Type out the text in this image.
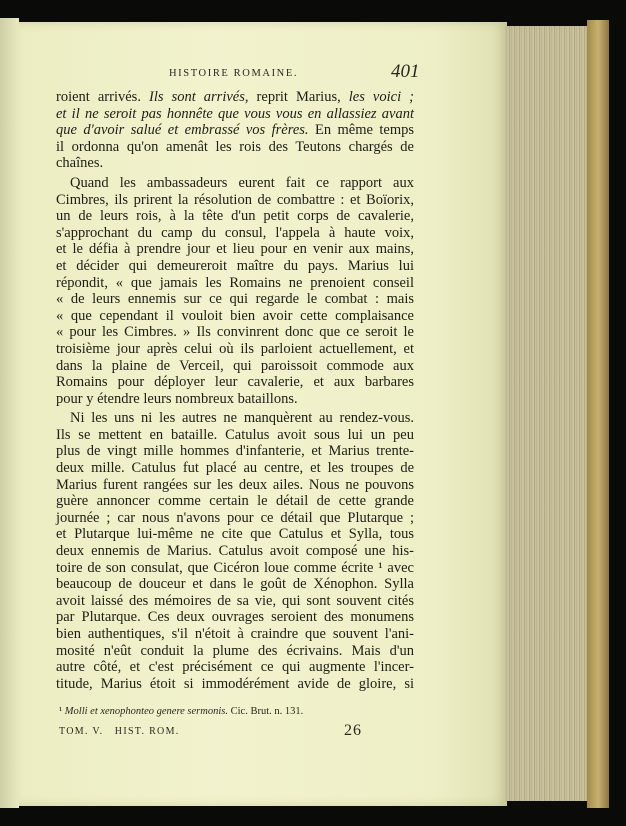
HISTOIRE ROMAINE.	401
roient arrivés. Ils sont arrivés, reprit Marius, les voici ;
et il ne seroit pas honnête que vous vous en allassiez avant
que d'avoir salué et embrassé vos frères. En même temps
il ordonna qu'on amenât les rois des Teutons chargés de
chaînes.
Quand les ambassadeurs eurent fait ce rapport aux
Cimbres, ils prirent la résolution de combattre : et Boïorix,
un de leurs rois, à la tête d'un petit corps de cavalerie,
s'approchant du camp du consul, l'appela à haute voix,
et le défia à prendre jour et lieu pour en venir aux mains,
et décider qui demeureroit maître du pays. Marius lui
répondit, « que jamais les Romains ne prenoient conseil
« de leurs ennemis sur ce qui regarde le combat : mais
« que cependant il vouloit bien avoir cette complaisance
« pour les Cimbres. » Ils convinrent donc que ce seroit le
troisième jour après celui où ils parloient actuellement, et
dans la plaine de Verceil, qui paroissoit commode aux
Romains pour déployer leur cavalerie, et aux barbares
pour y étendre leurs nombreux bataillons.
Ni les uns ni les autres ne manquèrent au rendez-vous.
Ils se mettent en bataille. Catulus avoit sous lui un peu
plus de vingt mille hommes d'infanterie, et Marius trente-
deux mille. Catulus fut placé au centre, et les troupes de
Marius furent rangées sur les deux ailes. Nous ne pouvons
guère annoncer comme certain le détail de cette grande
journée ; car nous n'avons pour ce détail que Plutarque ;
et Plutarque lui-même ne cite que Catulus et Sylla, tous
deux ennemis de Marius. Catulus avoit composé une his-
toire de son consulat, que Cicéron loue comme écrite ¹ avec
beaucoup de douceur et dans le goût de Xénophon. Sylla
avoit laissé des mémoires de sa vie, qui sont souvent cités
par Plutarque. Ces deux ouvrages seroient des monumens
bien authentiques, s'il n'étoit à craindre que souvent l'ani-
mosité n'eût conduit la plume des écrivains. Mais d'un
autre côté, et c'est précisément ce qui augmente l'incer-
titude, Marius étoit si immodérément avide de gloire, si
¹ Molli et xenophonteo genere sermonis. Cic. Brut. n. 131.
TOM. V.   HIST. ROM.	26
